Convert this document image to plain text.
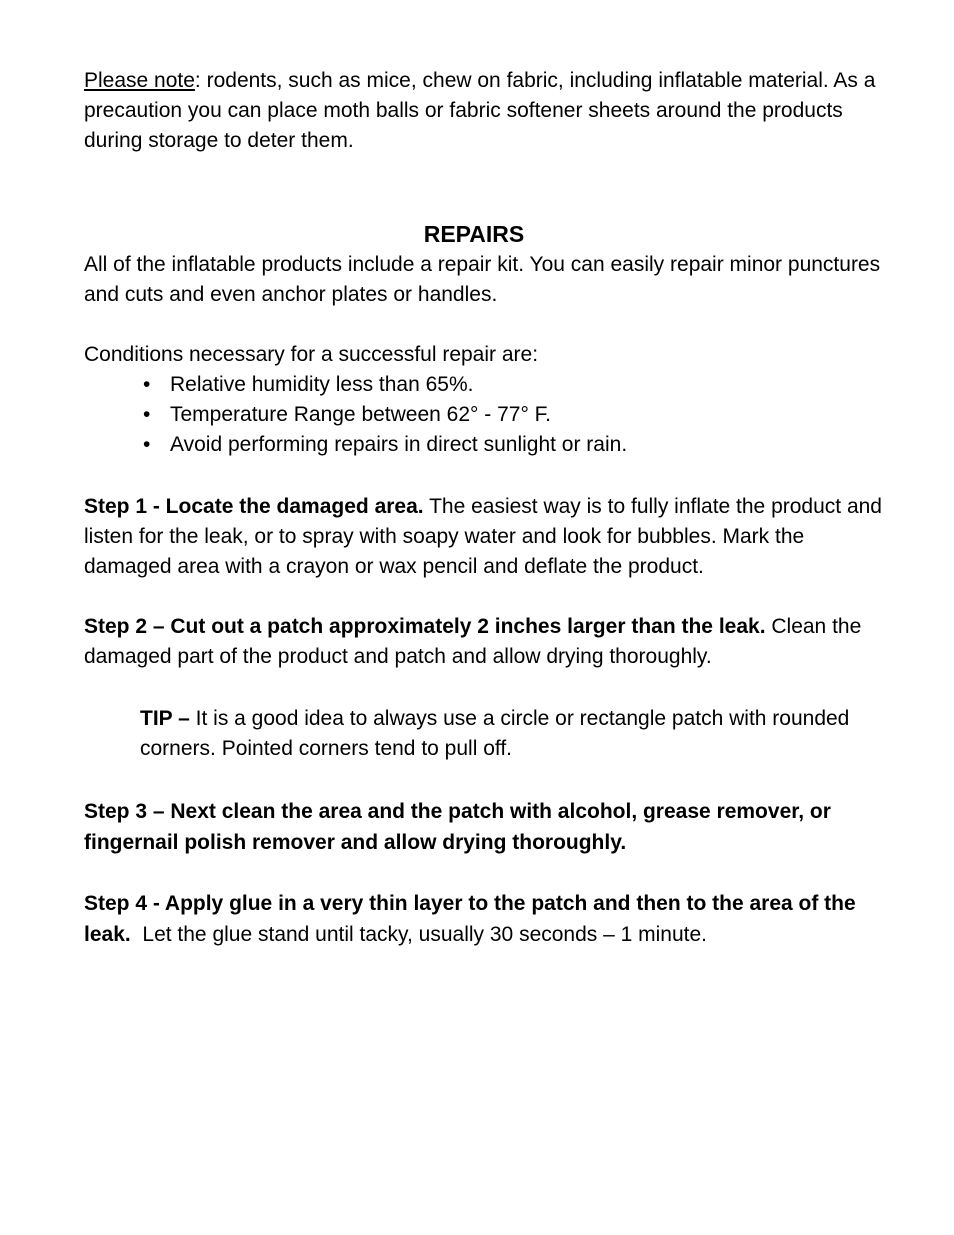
Please note: rodents, such as mice, chew on fabric, including inflatable material. As a precaution you can place moth balls or fabric softener sheets around the products during storage to deter them.

REPAIRS

All of the inflatable products include a repair kit. You can easily repair minor punctures and cuts and even anchor plates or handles.

Conditions necessary for a successful repair are:

• Relative humidity less than 65%.
• Temperature Range between 62° - 77° F.
• Avoid performing repairs in direct sunlight or rain.

Step 1 - Locate the damaged area. The easiest way is to fully inflate the product and listen for the leak, or to spray with soapy water and look for bubbles. Mark the damaged area with a crayon or wax pencil and deflate the product.

Step 2 – Cut out a patch approximately 2 inches larger than the leak. Clean the damaged part of the product and patch and allow drying thoroughly.

TIP – It is a good idea to always use a circle or rectangle patch with rounded corners. Pointed corners tend to pull off.

Step 3 – Next clean the area and the patch with alcohol, grease remover, or fingernail polish remover and allow drying thoroughly.

Step 4 - Apply glue in a very thin layer to the patch and then to the area of the leak.  Let the glue stand until tacky, usually 30 seconds – 1 minute.
